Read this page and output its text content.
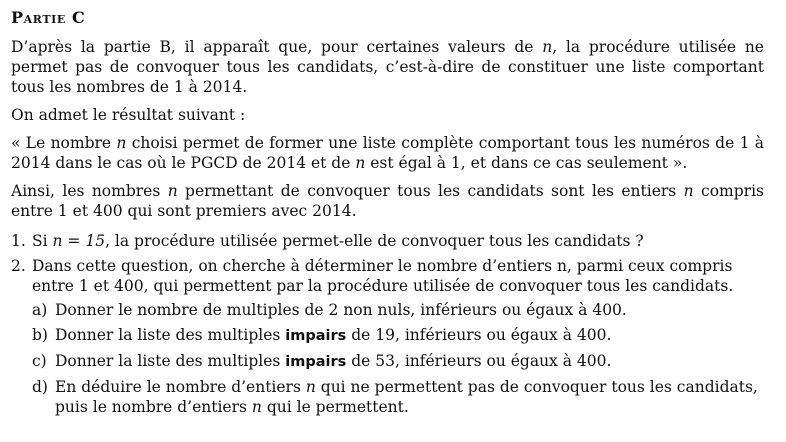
Partie C

D’après la partie B, il apparaît que, pour certaines valeurs de n, la procédure utilisée ne permet pas de convoquer tous les candidats, c’est-à-dire de constituer une liste comportant tous les nombres de 1 à 2014.

On admet le résultat suivant :

« Le nombre n choisi permet de former une liste complète comportant tous les numéros de 1 à 2014 dans le cas où le PGCD de 2014 et de n est égal à 1, et dans ce cas seulement ».

Ainsi, les nombres n permettant de convoquer tous les candidats sont les entiers n compris entre 1 et 400 qui sont premiers avec 2014.

1. Si n = 15, la procédure utilisée permet-elle de convoquer tous les candidats ?
2. Dans cette question, on cherche à déterminer le nombre d’entiers n, parmi ceux compris entre 1 et 400, qui permettent par la procédure utilisée de convoquer tous les candidats.
a) Donner le nombre de multiples de 2 non nuls, inférieurs ou égaux à 400.
b) Donner la liste des multiples impairs de 19, inférieurs ou égaux à 400.
c) Donner la liste des multiples impairs de 53, inférieurs ou égaux à 400.
d) En déduire le nombre d’entiers n qui ne permettent pas de convoquer tous les candidats, puis le nombre d’entiers n qui le permettent.
